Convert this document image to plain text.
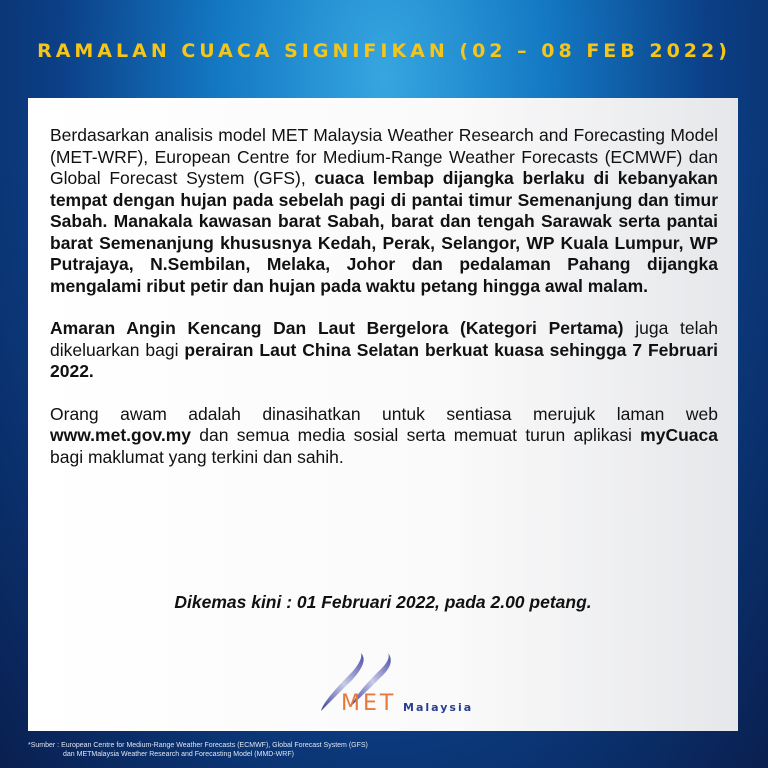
RAMALAN CUACA SIGNIFIKAN (02 – 08 FEB 2022)

Berdasarkan analisis model MET Malaysia Weather Research and Forecasting Model (MET-WRF), European Centre for Medium-Range Weather Forecasts (ECMWF) dan Global Forecast System (GFS), cuaca lembap dijangka berlaku di kebanyakan tempat dengan hujan pada sebelah pagi di pantai timur Semenanjung dan timur Sabah. Manakala kawasan barat Sabah, barat dan tengah Sarawak serta pantai barat Semenanjung khususnya Kedah, Perak, Selangor, WP Kuala Lumpur, WP Putrajaya, N.Sembilan, Melaka, Johor dan pedalaman Pahang dijangka mengalami ribut petir dan hujan pada waktu petang hingga awal malam.

Amaran Angin Kencang Dan Laut Bergelora (Kategori Pertama) juga telah dikeluarkan bagi perairan Laut China Selatan berkuat kuasa sehingga 7 Februari 2022.

Orang awam adalah dinasihatkan untuk sentiasa merujuk laman web www.met.gov.my dan semua media sosial serta memuat turun aplikasi myCuaca bagi maklumat yang terkini dan sahih.

Dikemas kini : 01 Februari 2022, pada 2.00 petang.
MET Malaysia
*Sumber : European Centre for Medium-Range Weather Forecasts (ECMWF), Global Forecast System (GFS)
dan METMalaysia Weather Research and Forecasting Model (MMD-WRF)
